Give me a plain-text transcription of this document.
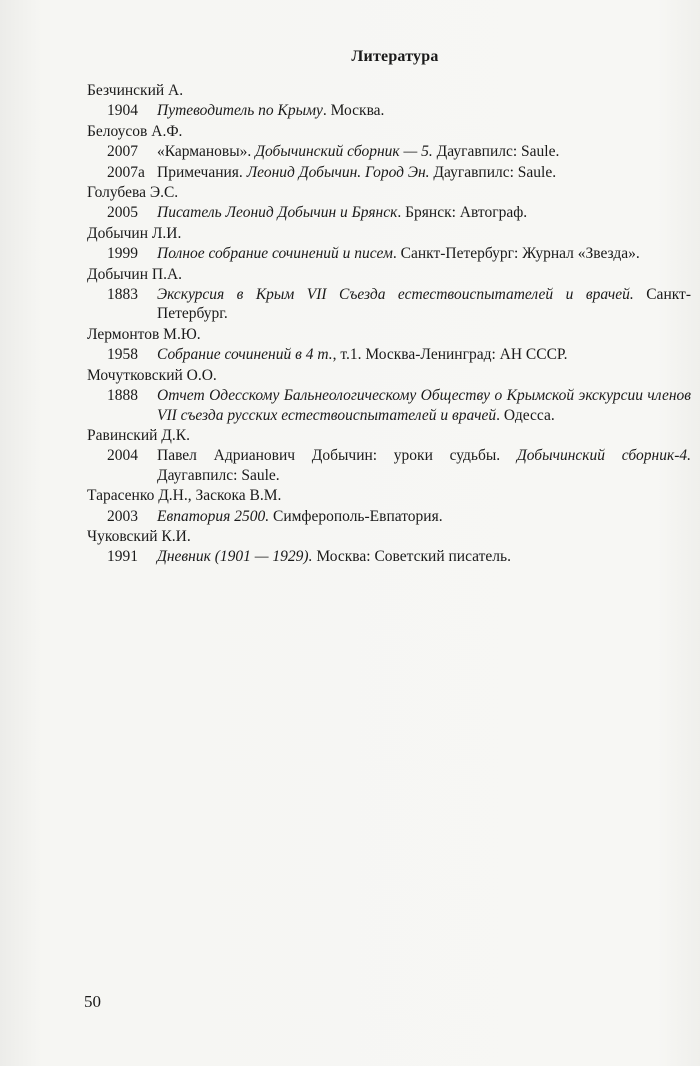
Литература
Безчинский А.
1904	Путеводитель по Крыму. Москва.
Белоусов А.Ф.
2007	«Кармановы». Добычинский сборник — 5. Даугавпилс: Saule.
2007a Примечания. Леонид Добычин. Город Эн. Даугавпилс: Saule.
Голубева Э.С.
2005	Писатель Леонид Добычин и Брянск. Брянск: Автограф.
Добычин Л.И.
1999	Полное собрание сочинений и писем. Санкт-Петербург: Журнал «Звезда».
Добычин П.А.
1883	Экскурсия в Крым VII Съезда естествоиспытателей и врачей. Санкт-Петербург.
Лермонтов М.Ю.
1958	Собрание сочинений в 4 т., т.1. Москва-Ленинград: АН СССР.
Мочутковский О.О.
1888	Отчет Одесскому Бальнеологическому Обществу о Крымской экскурсии членов VII съезда русских естествоиспытателей и врачей. Одесса.
Равинский Д.К.
2004	Павел Адрианович Добычин: уроки судьбы. Добычинский сборник-4. Даугавпилс: Saule.
Тарасенко Д.Н., Заскока В.М.
2003	Евпатория 2500. Симферополь-Евпатория.
Чуковский К.И.
1991	Дневник (1901 — 1929). Москва: Советский писатель.
50
